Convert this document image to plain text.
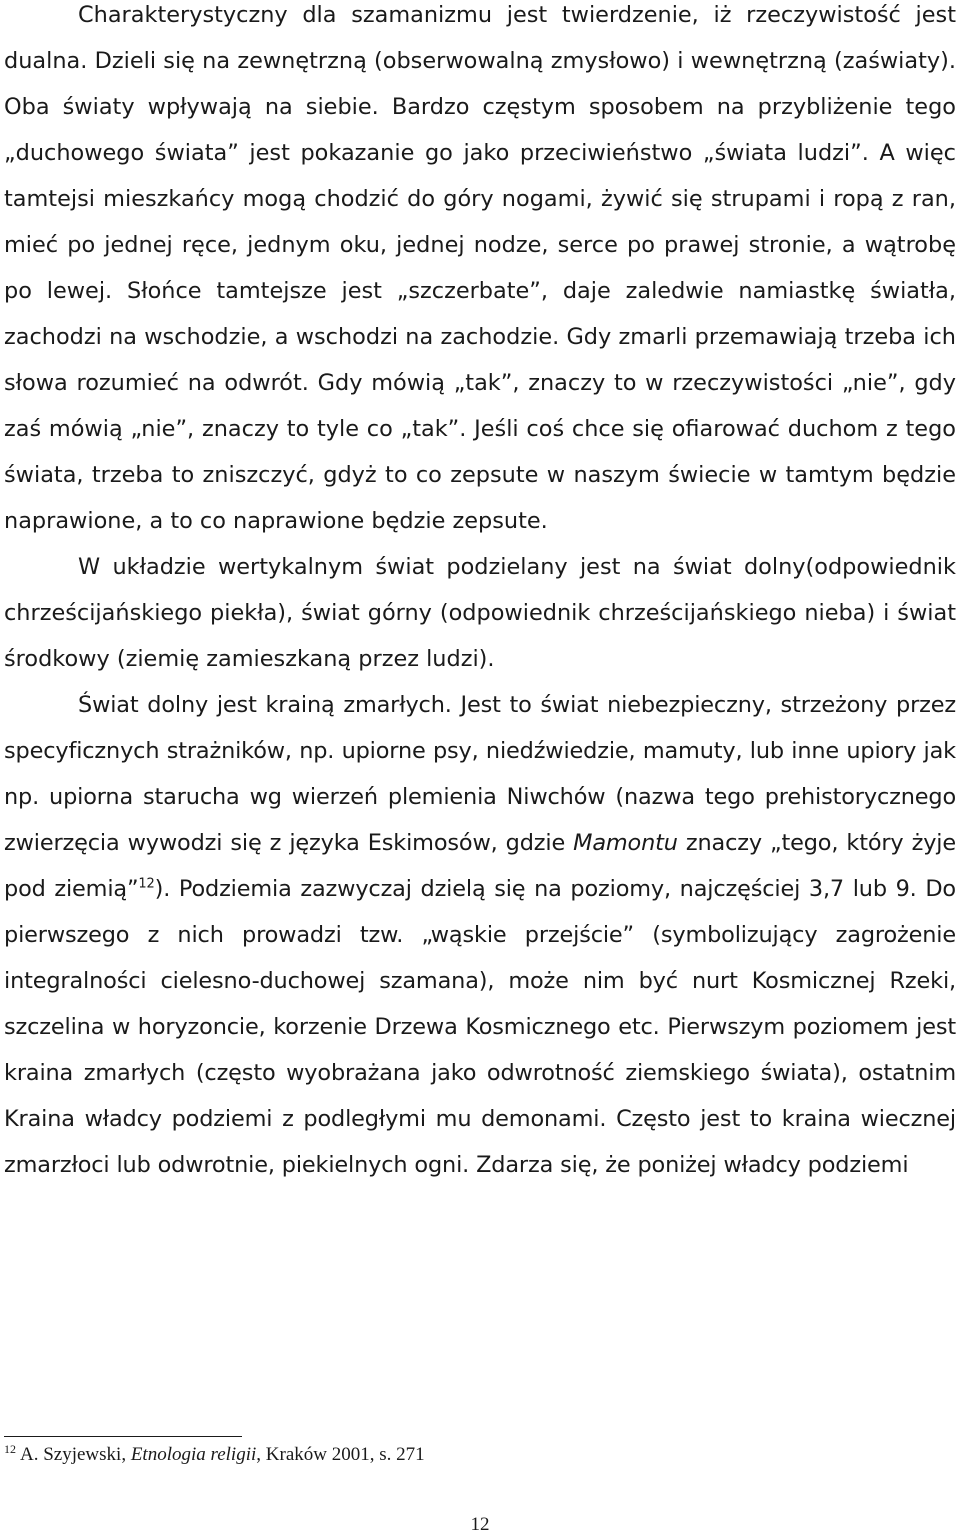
Charakterystyczny dla szamanizmu jest twierdzenie, iż rzeczywistość jest dualna. Dzieli się na zewnętrzną (obserwowalną zmysłowo) i wewnętrzną (zaświaty). Oba światy wpływają na siebie. Bardzo częstym sposobem na przybliżenie tego „duchowego świata” jest pokazanie go jako przeciwieństwo „świata ludzi”. A więc tamtejsi mieszkańcy mogą chodzić do góry nogami, żywić się strupami i ropą z ran, mieć po jednej ręce, jednym oku, jednej nodze, serce po prawej stronie, a wątrobę po lewej. Słońce tamtejsze jest „szczerbate”, daje zaledwie namiastkę światła, zachodzi na wschodzie, a wschodzi na zachodzie. Gdy zmarli przemawiają trzeba ich słowa rozumieć na odwrót. Gdy mówią „tak”, znaczy to w rzeczywistości „nie”, gdy zaś mówią „nie”, znaczy to tyle co „tak”. Jeśli coś chce się ofiarować duchom z tego świata, trzeba to zniszczyć, gdyż to co zepsute w naszym świecie w tamtym będzie naprawione, a to co naprawione będzie zepsute.

W układzie wertykalnym świat podzielany jest na świat dolny(odpowiednik chrześcijańskiego piekła), świat górny (odpowiednik chrześcijańskiego nieba) i świat środkowy (ziemię zamieszkaną przez ludzi).

Świat dolny jest krainą zmarłych. Jest to świat niebezpieczny, strzeżony przez specyficznych strażników, np. upiorne psy, niedźwiedzie, mamuty, lub inne upiory jak np. upiorna starucha wg wierzeń plemienia Niwchów (nazwa tego prehistorycznego zwierzęcia wywodzi się z języka Eskimosów, gdzie Mamontu znaczy „tego, który żyje pod ziemią”$^{12}$). Podziemia zazwyczaj dzielą się na poziomy, najczęściej 3,7 lub 9. Do pierwszego z nich prowadzi tzw. „wąskie przejście” (symbolizujący zagrożenie integralności cielesno-duchowej szamana), może nim być nurt Kosmicznej Rzeki, szczelina w horyzoncie, korzenie Drzewa Kosmicznego etc. Pierwszym poziomem jest kraina zmarłych (często wyobrażana jako odwrotność ziemskiego świata), ostatnim Kraina władcy podziemi z podległymi mu demonami. Często jest to kraina wiecznej zmarzłoci lub odwrotnie, piekielnych ogni. Zdarza się, że poniżej władcy podziemi

$^{12}$ A. Szyjewski, Etnologia religii, Kraków 2001, s. 271
12
